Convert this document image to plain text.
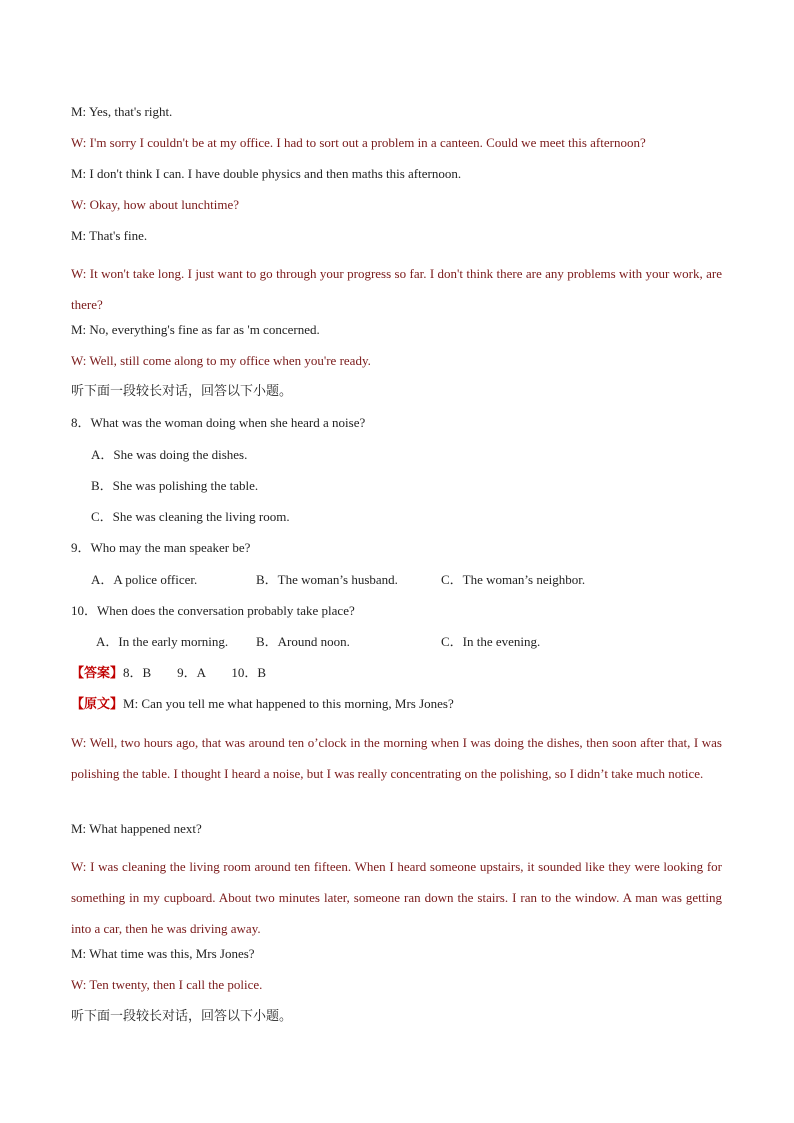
M: Yes, that's right.
W: I'm sorry I couldn't be at my office. I had to sort out a problem in a canteen. Could we meet this afternoon?
M: I don't think I can. I have double physics and then maths this afternoon.
W: Okay, how about lunchtime?
M: That's fine.
W: It won't take long. I just want to go through your progress so far. I don't think there are any problems with your work, are there?
M: No, everything's fine as far as 'm concerned.
W: Well, still come along to my office when you're ready.
听下面一段较长对话，回答以下小题。
8．What was the woman doing when she heard a noise?
A．She was doing the dishes.
B．She was polishing the table.
C．She was cleaning the living room.
9．Who may the man speaker be?
A．A police officer.	B．The woman’s husband.	C．The woman’s neighbor.
10．When does the conversation probably take place?
A．In the early morning. B．Around noon.	C．In the evening.
【答案】8．B　　9．A　　10．B
【原文】M: Can you tell me what happened to this morning, Mrs Jones?
W: Well, two hours ago, that was around ten o’clock in the morning when I was doing the dishes, then soon after that, I was polishing the table. I thought I heard a noise, but I was really concentrating on the polishing, so I didn’t take much notice.
M: What happened next?
W: I was cleaning the living room around ten fifteen. When I heard someone upstairs, it sounded like they were looking for something in my cupboard. About two minutes later, someone ran down the stairs. I ran to the window. A man was getting into a car, then he was driving away.
M: What time was this, Mrs Jones?
W: Ten twenty, then I call the police.
听下面一段较长对话，回答以下小题。
